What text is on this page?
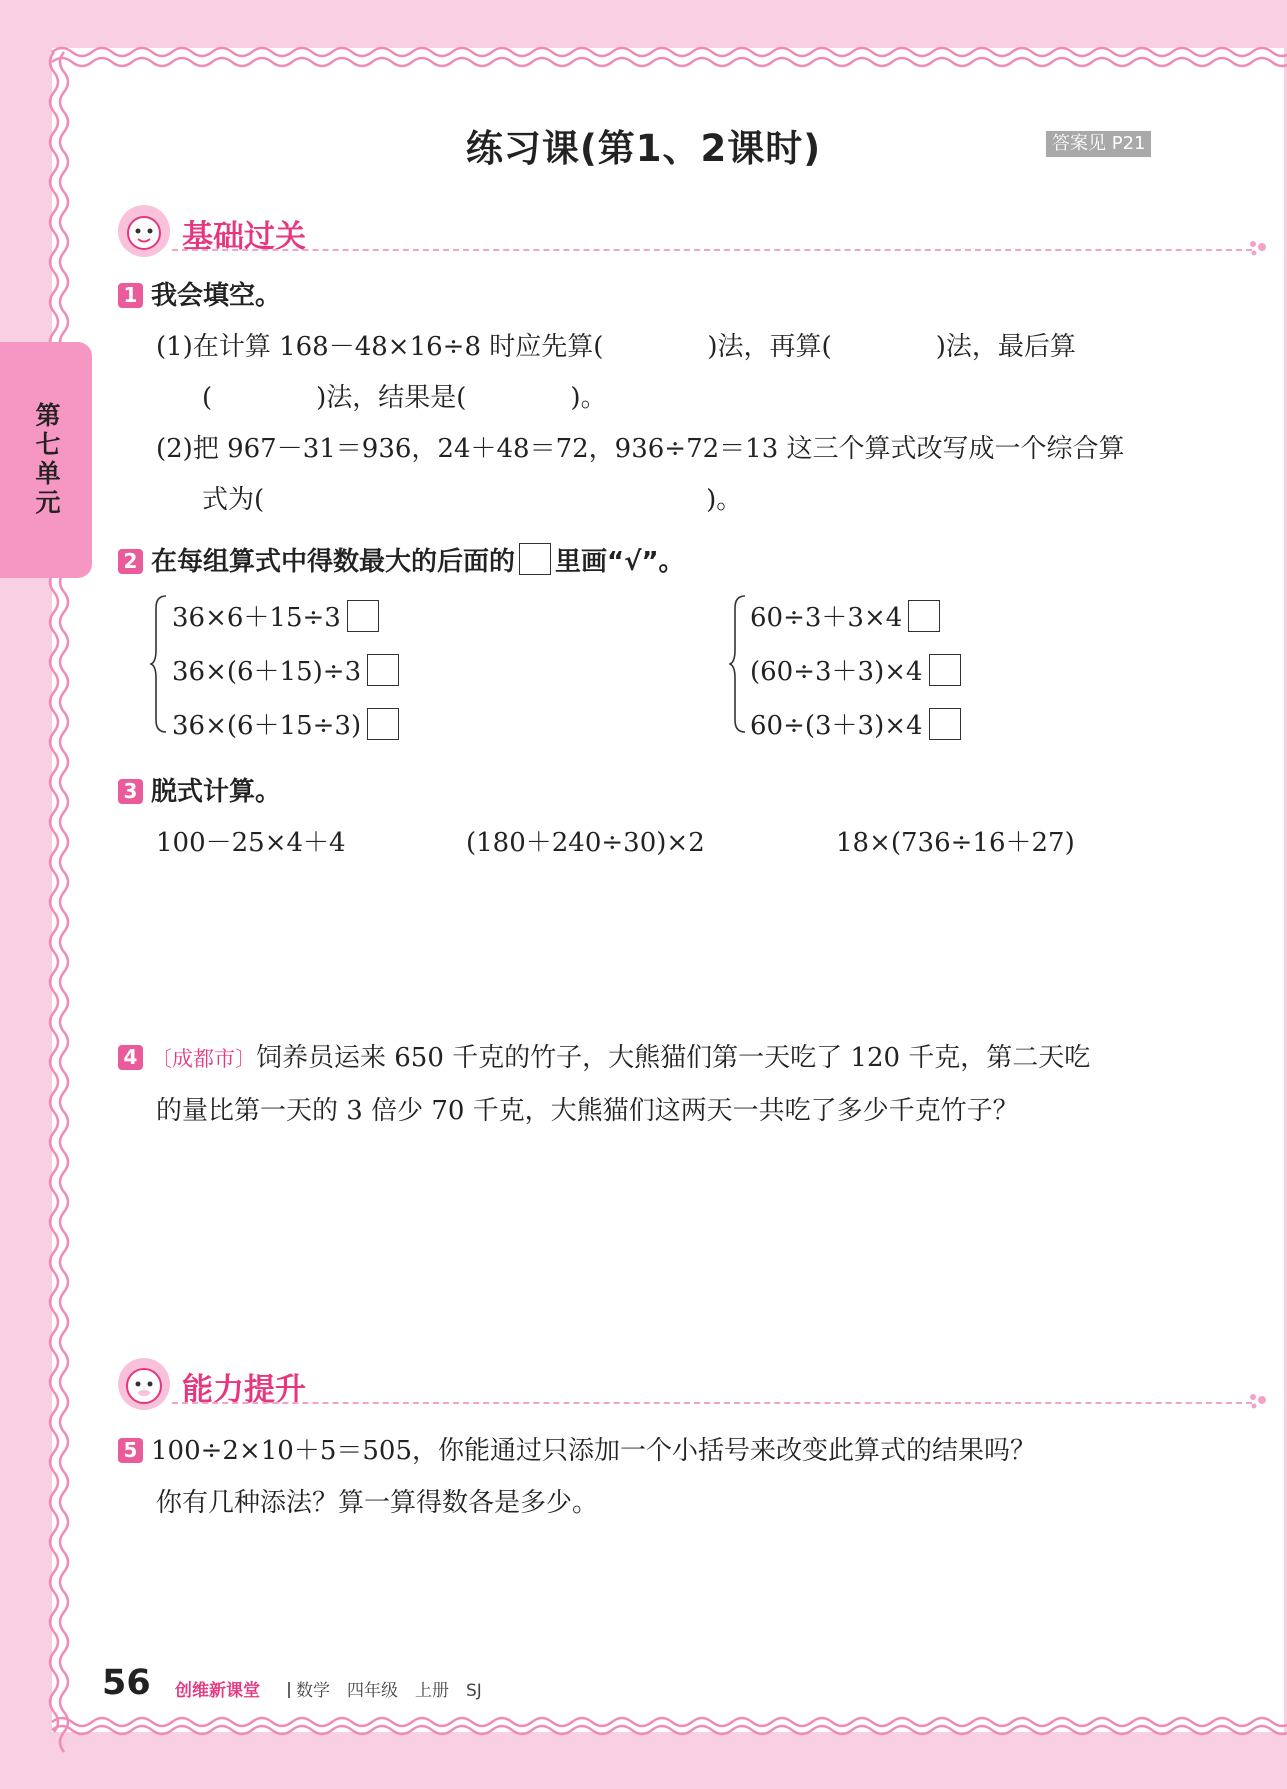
第七单元
练习课(第1、2课时)	答案见 P21
基础过关
1 我会填空。
(1)在计算 168－48×16÷8 时应先算(　　　　)法，再算(　　　　)法，最后算
(　　　　)法，结果是(　　　　)。
(2)把 967－31＝936，24＋48＝72，936÷72＝13 这三个算式改写成一个综合算
式为(　　　　　　　　　　　　　　　　　)。
2 在每组算式中得数最大的后面的 里画“√”。
36×6＋15÷3
36×(6＋15)÷3
36×(6＋15÷3)
60÷3＋3×4
(60÷3＋3)×4
60÷(3＋3)×4
3 脱式计算。
100－25×4＋4	(180＋240÷30)×2	18×(736÷16＋27)
4 〔成都市〕饲养员运来 650 千克的竹子，大熊猫们第一天吃了 120 千克，第二天吃
的量比第一天的 3 倍少 70 千克，大熊猫们这两天一共吃了多少千克竹子？
能力提升
5 100÷2×10＋5＝505，你能通过只添加一个小括号来改变此算式的结果吗？
你有几种添法？算一算得数各是多少。
56 创维新课堂	数学　四年级　上册　SJ
